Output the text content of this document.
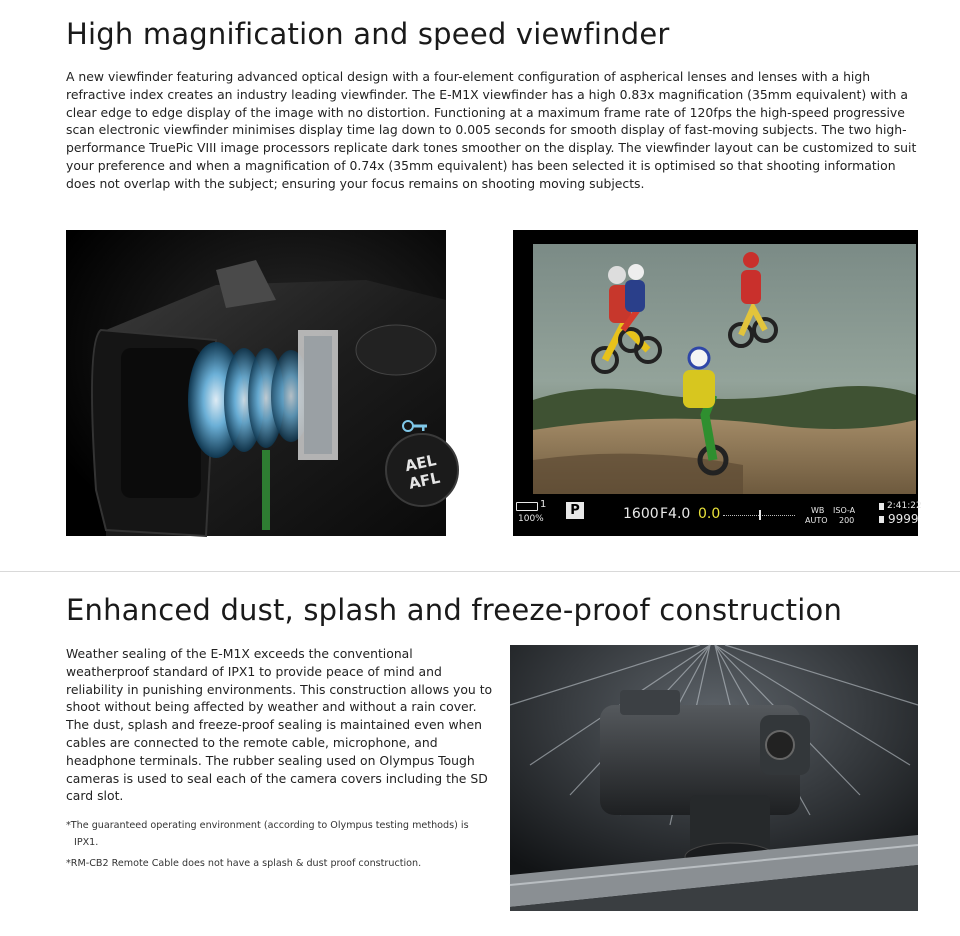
High magnification and speed viewfinder

A new viewfinder featuring advanced optical design with a four-element configuration of aspherical lenses and lenses with a high refractive index creates an industry leading viewfinder. The E-M1X viewfinder has a high 0.83x magnification (35mm equivalent) with a clear edge to edge display of the image with no distortion. Functioning at a maximum frame rate of 120fps the high-speed progressive scan electronic viewfinder minimises display time lag down to 0.005 seconds for smooth display of fast-moving subjects. The two high-performance TruePic VIII image processors replicate dark tones smoother on the display. The viewfinder layout can be customized to suit your preference and when a magnification of 0.74x (35mm equivalent) has been selected it is optimised so that shooting information does not overlap with the subject; ensuring your focus remains on shooting moving subjects.

AEL
AFL
1
100%
P	1600 F4.0 0.0	WB
AUTO
ISO-A
200
2:41:22
9999
Enhanced dust, splash and freeze-proof construction

Weather sealing of the E-M1X exceeds the conventional weatherproof standard of IPX1 to provide peace of mind and reliability in punishing environments. This construction allows you to shoot without being affected by weather and without a rain cover. The dust, splash and freeze-proof sealing is maintained even when cables are connected to the remote cable, microphone, and headphone terminals. The rubber sealing used on Olympus Tough cameras is used to seal each of the camera covers including the SD card slot.

*The guaranteed operating environment (according to Olympus testing methods) is
IPX1.

*RM-CB2 Remote Cable does not have a splash & dust proof construction.
